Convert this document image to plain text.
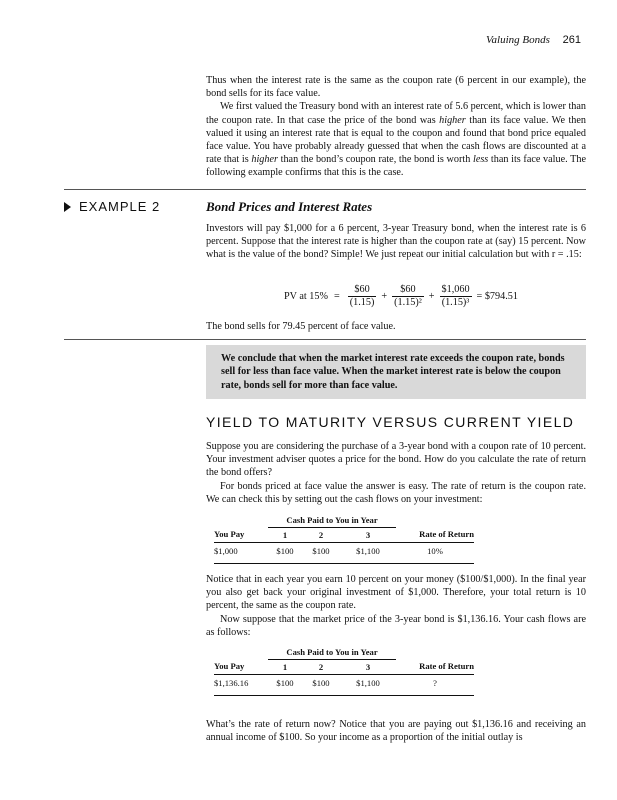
Valuing Bonds 261

Thus when the interest rate is the same as the coupon rate (6 percent in our example), the bond sells for its face value.

We first valued the Treasury bond with an interest rate of 5.6 percent, which is lower than the coupon rate. In that case the price of the bond was higher than its face value. We then valued it using an interest rate that is equal to the coupon and found that bond price equaled face value. You have probably already guessed that when the cash flows are discounted at a rate that is higher than the bond’s coupon rate, the bond is worth less than its face value. The following example confirms that this is the case.

EXAMPLE 2	Bond Prices and Interest Rates

Investors will pay $1,000 for a 6 percent, 3-year Treasury bond, when the interest rate is 6 percent. Suppose that the interest rate is higher than the coupon rate at (say) 15 percent. Now what is the value of the bond? Simple! We just repeat our initial calculation but with r = .15:

PV at $15\% = \frac{\$60}{(1.15)} + \frac{\$60}{\text{(1.15)²}} + \frac{\$1,060}{\text{(1.15)³}}$ = $794.51

The bond sells for 79.45 percent of face value.

We conclude that when the market interest rate exceeds the coupon rate, bonds sell for less than face value. When the market interest rate is below the coupon rate, bonds sell for more than face value.

YIELD TO MATURITY VERSUS CURRENT YIELD

Suppose you are considering the purchase of a 3-year bond with a coupon rate of 10 percent. Your investment adviser quotes a price for the bond. How do you calculate the rate of return the bond offers?

For bonds priced at face value the answer is easy. The rate of return is the coupon rate. We can check this by setting out the cash flows on your investment:

	Cash Paid to You in Year			
You Pay	1	2	3	Rate of Return
$1,000	$100	$100	$1,100	10%

Notice that in each year you earn 10 percent on your money ($100/$1,000). In the final year you also get back your original investment of $1,000. Therefore, your total return is 10 percent, the same as the coupon rate.

Now suppose that the market price of the 3-year bond is $1,136.16. Your cash flows are as follows:

	Cash Paid to You in Year			
You Pay	1	2	3	Rate of Return
$1,136.16	$100	$100	$1,100	?

What’s the rate of return now? Notice that you are paying out $1,136.16 and receiving an annual income of $100. So your income as a proportion of the initial outlay is
